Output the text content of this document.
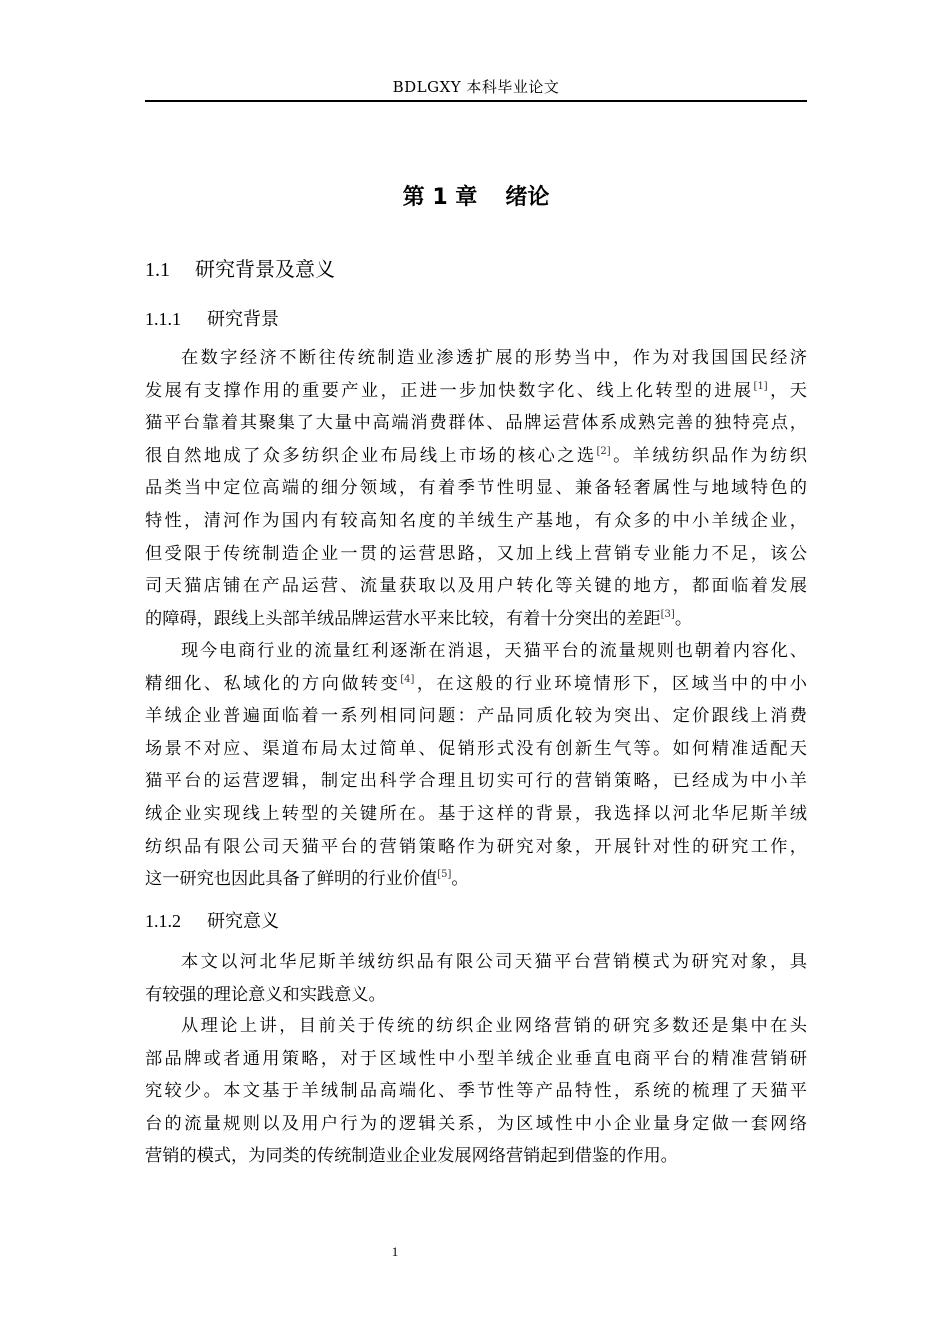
BDLGXY 本科毕业论文
第 1 章 绪论
1.1 研究背景及意义
1.1.1 研究背景
在数字经济不断往传统制造业渗透扩展的形势当中，作为对我国国民经济
发展有支撑作用的重要产业，正进一步加快数字化、线上化转型的进展[1]，天
猫平台靠着其聚集了大量中高端消费群体、品牌运营体系成熟完善的独特亮点，
很自然地成了众多纺织企业布局线上市场的核心之选[2]。羊绒纺织品作为纺织
品类当中定位高端的细分领域，有着季节性明显、兼备轻奢属性与地域特色的
特性，清河作为国内有较高知名度的羊绒生产基地，有众多的中小羊绒企业，
但受限于传统制造企业一贯的运营思路，又加上线上营销专业能力不足，该公
司天猫店铺在产品运营、流量获取以及用户转化等关键的地方，都面临着发展
的障碍，跟线上头部羊绒品牌运营水平来比较，有着十分突出的差距[3]。
现今电商行业的流量红利逐渐在消退，天猫平台的流量规则也朝着内容化、
精细化、私域化的方向做转变[4]，在这般的行业环境情形下，区域当中的中小
羊绒企业普遍面临着一系列相同问题：产品同质化较为突出、定价跟线上消费
场景不对应、渠道布局太过简单、促销形式没有创新生气等。如何精准适配天
猫平台的运营逻辑，制定出科学合理且切实可行的营销策略，已经成为中小羊
绒企业实现线上转型的关键所在。基于这样的背景，我选择以河北华尼斯羊绒
纺织品有限公司天猫平台的营销策略作为研究对象，开展针对性的研究工作，
这一研究也因此具备了鲜明的行业价值[5]。
1.1.2 研究意义
本文以河北华尼斯羊绒纺织品有限公司天猫平台营销模式为研究对象，具
有较强的理论意义和实践意义。
从理论上讲，目前关于传统的纺织企业网络营销的研究多数还是集中在头
部品牌或者通用策略，对于区域性中小型羊绒企业垂直电商平台的精准营销研
究较少。本文基于羊绒制品高端化、季节性等产品特性，系统的梳理了天猫平
台的流量规则以及用户行为的逻辑关系，为区域性中小企业量身定做一套网络
营销的模式，为同类的传统制造业企业发展网络营销起到借鉴的作用。
1
